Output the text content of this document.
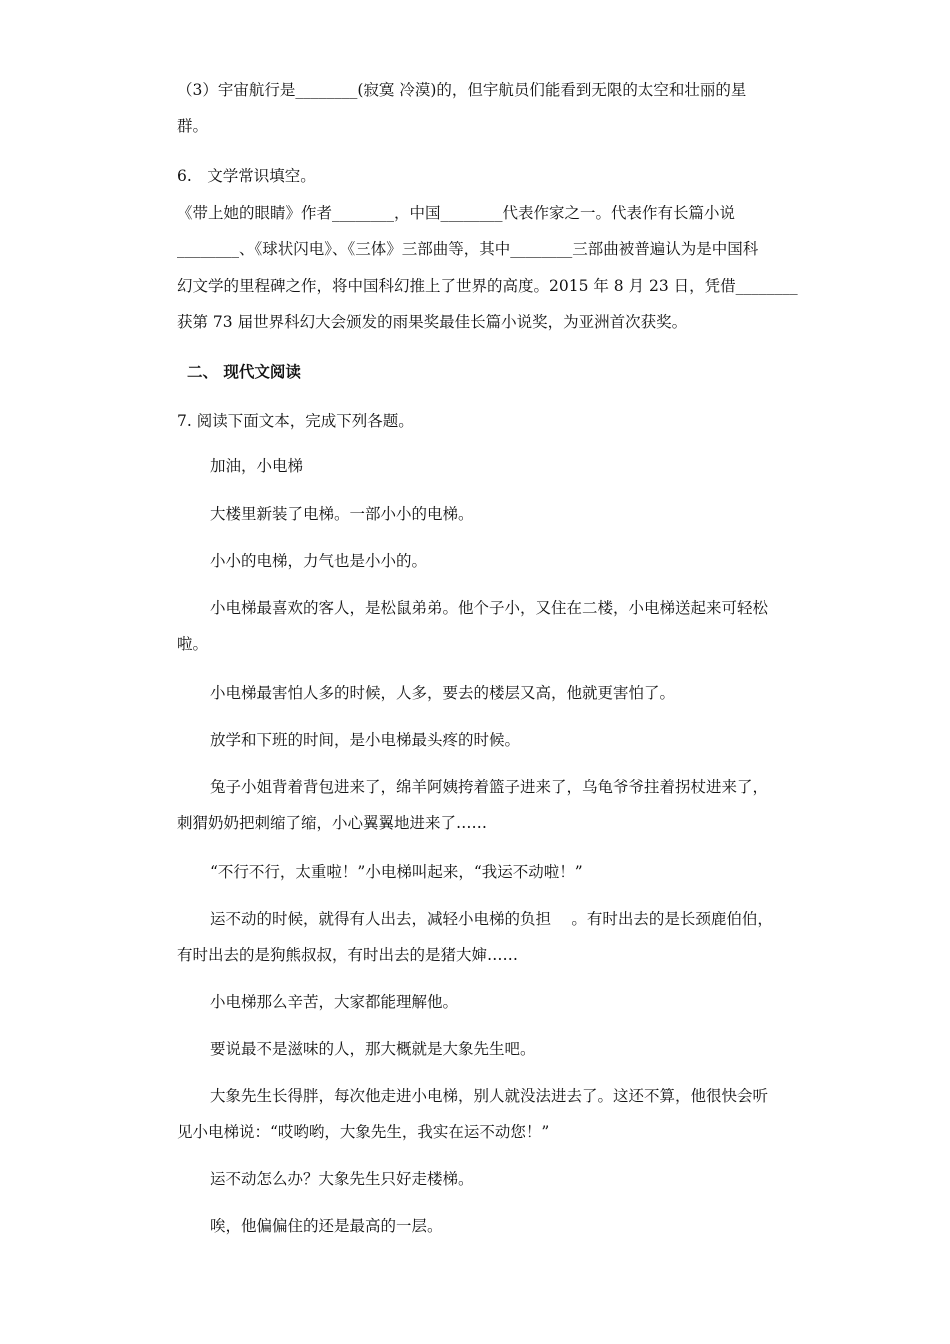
（3）宇宙航行是________(寂寞 冷漠)的，但宇航员们能看到无限的太空和壮丽的星
群。
6.　文学常识填空。
《带上她的眼睛》作者________，中国________代表作家之一。代表作有长篇小说
________、《球状闪电》、《三体》三部曲等，其中________三部曲被普遍认为是中国科
幻文学的里程碑之作，将中国科幻推上了世界的高度。2015 年 8 月 23 日，凭借________
获第 73 届世界科幻大会颁发的雨果奖最佳长篇小说奖，为亚洲首次获奖。
二、 现代文阅读
7. 阅读下面文本，完成下列各题。
加油，小电梯
大楼里新装了电梯。一部小小的电梯。
小小的电梯，力气也是小小的。
小电梯最喜欢的客人，是松鼠弟弟。他个子小，又住在二楼，小电梯送起来可轻松
啦。
小电梯最害怕人多的时候，人多，要去的楼层又高，他就更害怕了。
放学和下班的时间，是小电梯最头疼的时候。
兔子小姐背着背包进来了，绵羊阿姨挎着篮子进来了，乌龟爷爷拄着拐杖进来了，
刺猬奶奶把刺缩了缩，小心翼翼地进来了……
“不行不行，太重啦！”小电梯叫起来，“我运不动啦！”
运不动的时候，就得有人出去，减轻小电梯的负担　 。有时出去的是长颈鹿伯伯，
有时出去的是狗熊叔叔，有时出去的是猪大婶……
小电梯那么辛苦，大家都能理解他。
要说最不是滋味的人，那大概就是大象先生吧。
大象先生长得胖，每次他走进小电梯，别人就没法进去了。这还不算，他很快会听
见小电梯说：“哎哟哟，大象先生，我实在运不动您！”
运不动怎么办？大象先生只好走楼梯。
唉，他偏偏住的还是最高的一层。
